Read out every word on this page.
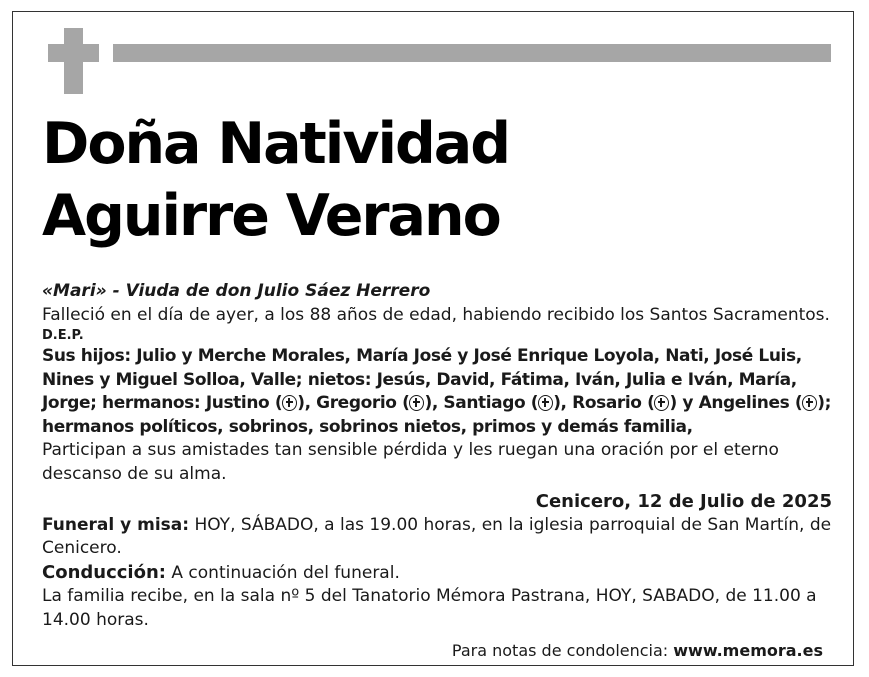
Doña Natividad
Aguirre Verano

«Mari» - Viuda de don Julio Sáez Herrero

Falleció en el día de ayer, a los 88 años de edad, habiendo recibido los Santos Sacramentos.

D.E.P.

Sus hijos: Julio y Merche Morales, María José y José Enrique Loyola, Nati, José Luis, Nines y Miguel Solloa, Valle; nietos: Jesús, David, Fátima, Iván, Julia e Iván, María, Jorge; hermanos: Justino ( ), Gregorio ( ), Santiago ( ), Rosario ( ) y Angelines ( ); hermanos políticos, sobrinos, sobrinos nietos, primos y demás familia,

Participan a sus amistades tan sensible pérdida y les ruegan una oración por el eterno descanso de su alma.

Cenicero, 12 de Julio de 2025

Funeral y misa: HOY, SÁBADO, a las 19.00 horas, en la iglesia parroquial de San Martín, de Cenicero.

Conducción: A continuación del funeral.

La familia recibe, en la sala nº 5 del Tanatorio Mémora Pastrana, HOY, SABADO, de 11.00 a 14.00 horas.

Para notas de condolencia: www.memora.es
